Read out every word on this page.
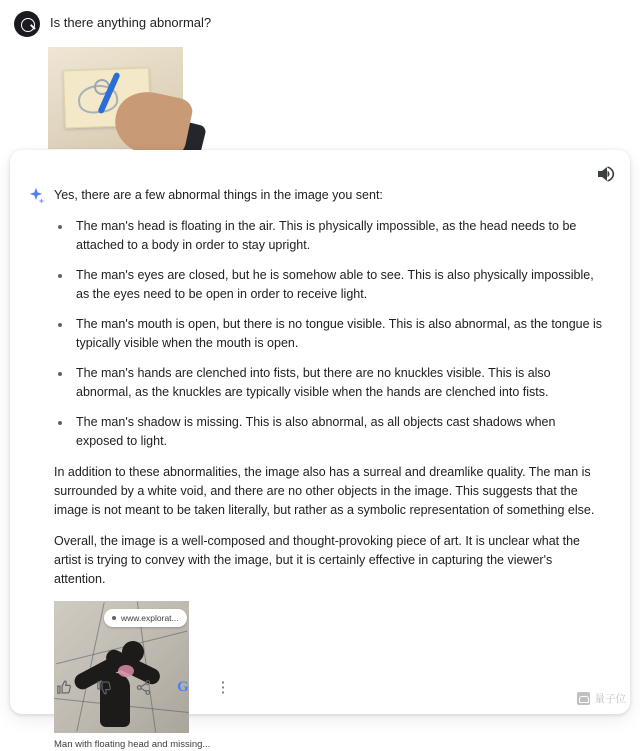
Is there anything abnormal?

Yes, there are a few abnormal things in the image you sent:

• The man's head is floating in the air. This is physically impossible, as the head needs to be attached to a body in order to stay upright.
• The man's eyes are closed, but he is somehow able to see. This is also physically impossible, as the eyes need to be open in order to receive light.
• The man's mouth is open, but there is no tongue visible. This is also abnormal, as the tongue is typically visible when the mouth is open.
• The man's hands are clenched into fists, but there are no knuckles visible. This is also abnormal, as the knuckles are typically visible when the hands are clenched into fists.
• The man's shadow is missing. This is also abnormal, as all objects cast shadows when exposed to light.

In addition to these abnormalities, the image also has a surreal and dreamlike quality. The man is surrounded by a white void, and there are no other objects in the image. This suggests that the image is not meant to be taken literally, but rather as a symbolic representation of something else.

Overall, the image is a well-composed and thought-provoking piece of art. It is unclear what the artist is trying to convey with the image, but it is certainly effective in capturing the viewer's attention.

www.explorat...
Man with floating head and missing...
G ⋮
量子位
